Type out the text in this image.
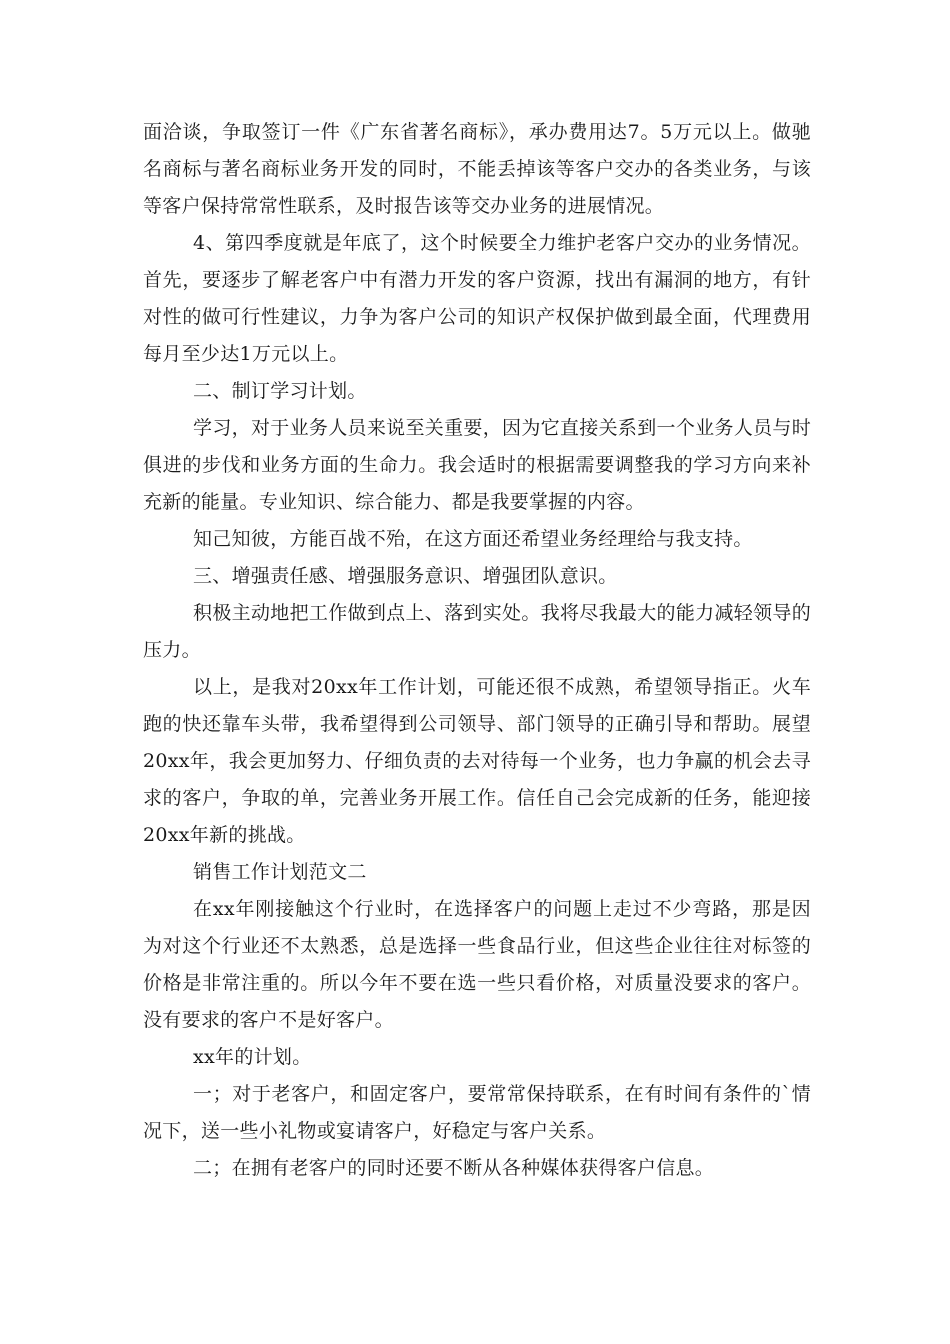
面洽谈，争取签订一件《广东省著名商标》，承办费用达7。5万元以上。做驰名商标与著名商标业务开发的同时，不能丢掉该等客户交办的各类业务，与该等客户保持常常性联系，及时报告该等交办业务的进展情况。

4、第四季度就是年底了，这个时候要全力维护老客户交办的业务情况。首先，要逐步了解老客户中有潜力开发的客户资源，找出有漏洞的地方，有针对性的做可行性建议，力争为客户公司的知识产权保护做到最全面，代理费用每月至少达1万元以上。

二、制订学习计划。

学习，对于业务人员来说至关重要，因为它直接关系到一个业务人员与时俱进的步伐和业务方面的生命力。我会适时的根据需要调整我的学习方向来补充新的能量。专业知识、综合能力、都是我要掌握的内容。

知己知彼，方能百战不殆，在这方面还希望业务经理给与我支持。

三、增强责任感、增强服务意识、增强团队意识。

积极主动地把工作做到点上、落到实处。我将尽我最大的能力减轻领导的压力。

以上，是我对20xx年工作计划，可能还很不成熟，希望领导指正。火车跑的快还靠车头带，我希望得到公司领导、部门领导的正确引导和帮助。展望20xx年，我会更加努力、仔细负责的去对待每一个业务，也力争赢的机会去寻求的客户，争取的单，完善业务开展工作。信任自己会完成新的任务，能迎接20xx年新的挑战。

销售工作计划范文二

在xx年刚接触这个行业时，在选择客户的问题上走过不少弯路，那是因为对这个行业还不太熟悉，总是选择一些食品行业，但这些企业往往对标签的价格是非常注重的。所以今年不要在选一些只看价格，对质量没要求的客户。没有要求的客户不是好客户。

xx年的计划。

一；对于老客户，和固定客户，要常常保持联系，在有时间有条件的`情况下，送一些小礼物或宴请客户，好稳定与客户关系。

二；在拥有老客户的同时还要不断从各种媒体获得客户信息。
